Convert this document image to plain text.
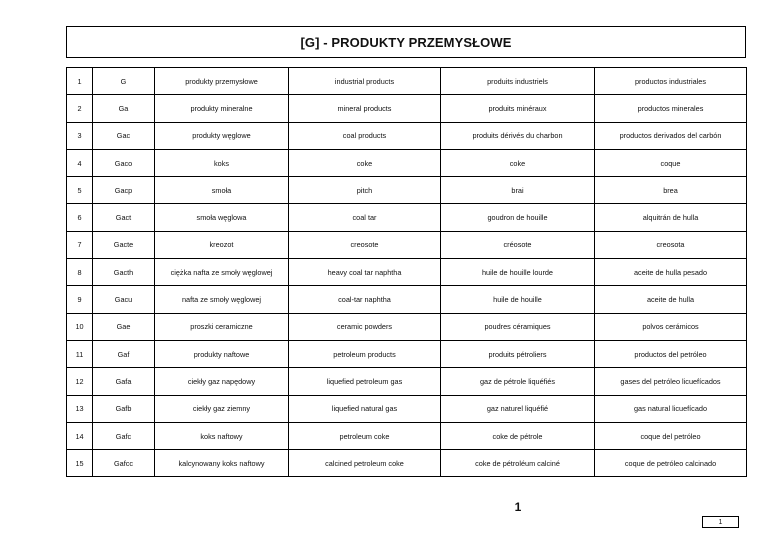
[G] - PRODUKTY PRZEMYSŁOWE
1	G	produkty przemysłowe	industrial products	produits industriels	productos industriales
2	Ga	produkty mineralne	mineral products	produits minéraux	productos minerales
3	Gac	produkty węglowe	coal products	produits dérivés du charbon	productos derivados del carbón
4	Gaco	koks	coke	coke	coque
5	Gacp	smoła	pitch	brai	brea
6	Gact	smoła węglowa	coal tar	goudron de houille	alquitrán de hulla
7	Gacte	kreozot	creosote	créosote	creosota
8	Gacth	ciężka nafta ze smoły węglowej	heavy coal tar naphtha	huile de houille lourde	aceite de hulla pesado
9	Gacu	nafta ze smoły węglowej	coal-tar naphtha	huile de houille	aceite de hulla
10	Gae	proszki ceramiczne	ceramic powders	poudres céramiques	polvos cerámicos
11	Gaf	produkty naftowe	petroleum products	produits pétroliers	productos del petróleo
12	Gafa	ciekły gaz napędowy	liquefied petroleum gas	gaz de pétrole liquéfiés	gases del petróleo licuefícados
13	Gafb	ciekły gaz ziemny	liquefied natural gas	gaz naturel liquéfié	gas natural licuefícado
14	Gafc	koks naftowy	petroleum coke	coke de pétrole	coque del petróleo
15	Gafcc	kalcynowany koks naftowy	calcined petroleum coke	coke de pétroléum calciné	coque de petróleo calcinado
1
1
